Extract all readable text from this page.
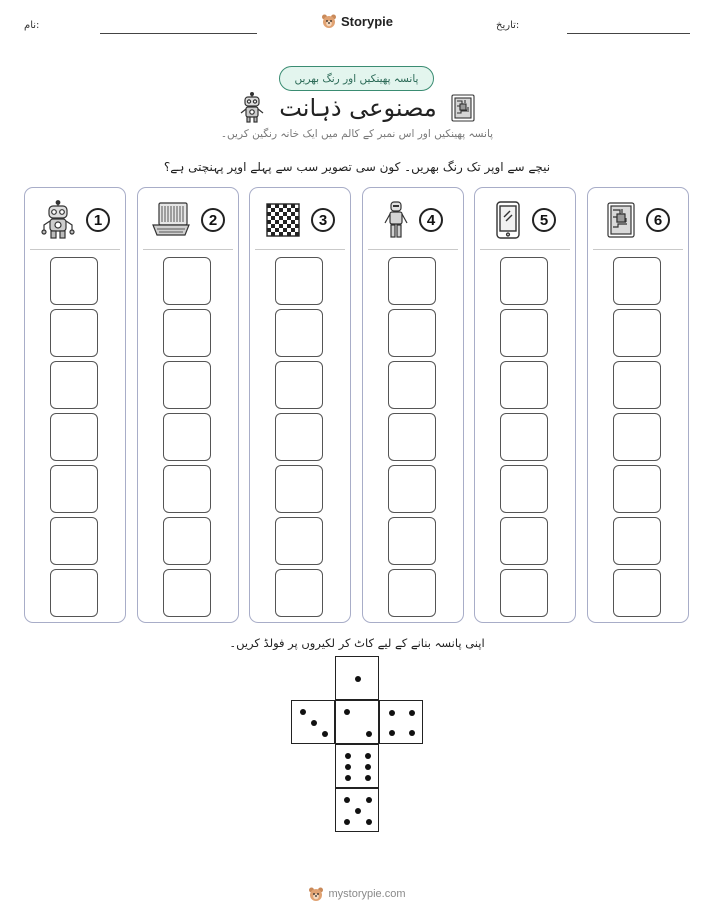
نام:	Storypie	تاریخ:
پانسہ پھینکیں اور رنگ بھریں
مصنوعی ذہانت
پانسہ پھینکیں اور اس نمبر کے کالم میں ایک خانہ رنگین کریں۔
نیچے سے اوپر تک رنگ بھریں۔ کون سی تصویر سب سے پہلے اوپر پہنچتی ہے؟
6
5
4
3
2
1
اپنی پانسہ بنانے کے لیے کاٹ کر لکیروں پر فولڈ کریں۔
mystorypie.com
